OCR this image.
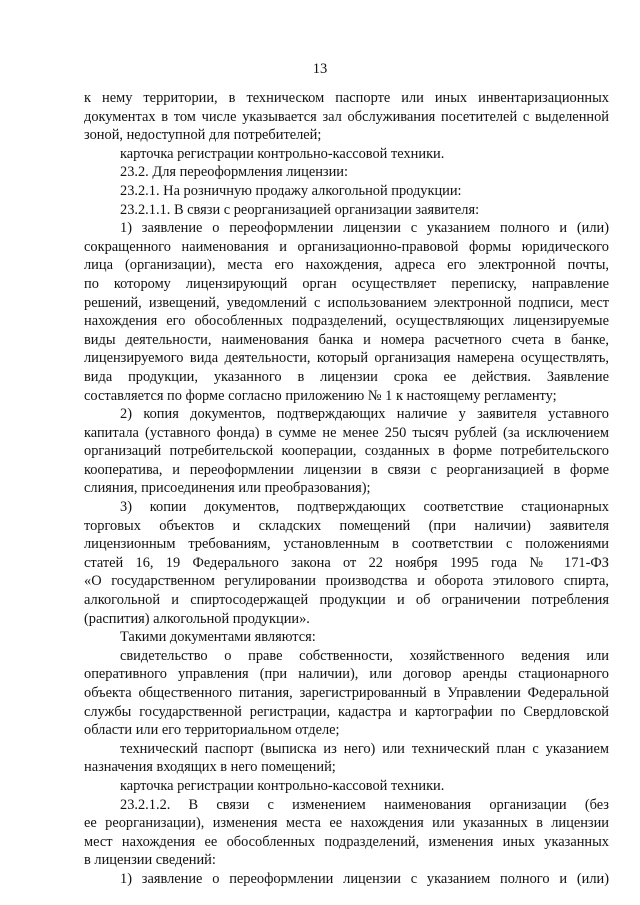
13
к нему территории, в техническом паспорте или иных инвентаризационных
документах в том числе указывается зал обслуживания посетителей с выделенной
зоной, недоступной для потребителей;
карточка регистрации контрольно-кассовой техники.
23.2. Для переоформления лицензии:
23.2.1. На розничную продажу алкогольной продукции:
23.2.1.1. В связи с реорганизацией организации заявителя:
1) заявление о переоформлении лицензии с указанием полного и (или)
сокращенного наименования и организационно-правовой формы юридического
лица (организации), места его нахождения, адреса его электронной почты,
по которому лицензирующий орган осуществляет переписку, направление
решений, извещений, уведомлений с использованием электронной подписи, мест
нахождения его обособленных подразделений, осуществляющих лицензируемые
виды деятельности, наименования банка и номера расчетного счета в банке,
лицензируемого вида деятельности, который организация намерена осуществлять,
вида продукции, указанного в лицензии срока ее действия. Заявление
составляется по форме согласно приложению № 1 к настоящему регламенту;
2) копия документов, подтверждающих наличие у заявителя уставного
капитала (уставного фонда) в сумме не менее 250 тысяч рублей (за исключением
организаций потребительской кооперации, созданных в форме потребительского
кооператива, и переоформлении лицензии в связи с реорганизацией в форме
слияния, присоединения или преобразования);
3) копии документов, подтверждающих соответствие стационарных
торговых объектов и складских помещений (при наличии) заявителя
лицензионным требованиям, установленным в соответствии с положениями
статей 16, 19 Федерального закона от 22 ноября 1995 года № 171-ФЗ
«О государственном регулировании производства и оборота этилового спирта,
алкогольной и спиртосодержащей продукции и об ограничении потребления
(распития) алкогольной продукции».
Такими документами являются:
свидетельство о праве собственности, хозяйственного ведения или
оперативного управления (при наличии), или договор аренды стационарного
объекта общественного питания, зарегистрированный в Управлении Федеральной
службы государственной регистрации, кадастра и картографии по Свердловской
области или его территориальном отделе;
технический паспорт (выписка из него) или технический план с указанием
назначения входящих в него помещений;
карточка регистрации контрольно-кассовой техники.
23.2.1.2. В связи с изменением наименования организации (без
ее реорганизации), изменения места ее нахождения или указанных в лицензии
мест нахождения ее обособленных подразделений, изменения иных указанных
в лицензии сведений:
1) заявление о переоформлении лицензии с указанием полного и (или)
